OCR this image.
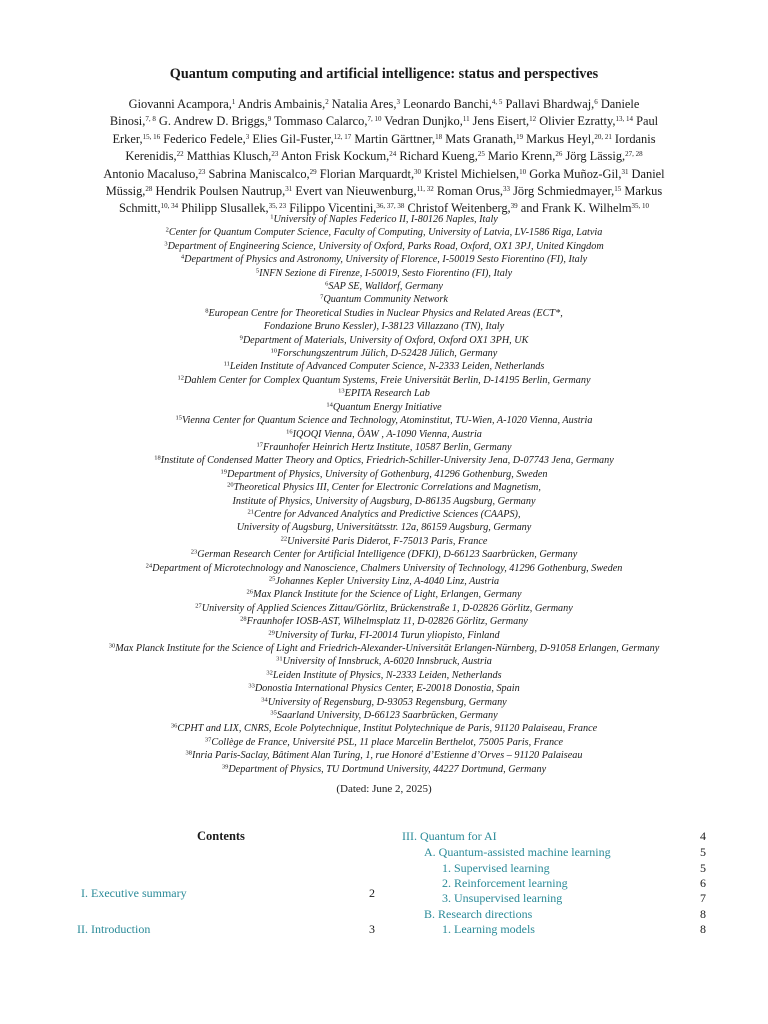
Quantum computing and artificial intelligence: status and perspectives
Giovanni Acampora,$^1$ Andris Ambainis,$^2$ Natalia Ares,$^3$ Leonardo Banchi,$^{4, 5}$ Pallavi Bhardwaj,$^6$ Daniele
Binosi,$^{7, 8}$ G. Andrew D. Briggs,$^9$ Tommaso Calarco,$^{7, 10}$ Vedran Dunjko,$^{11}$ Jens Eisert,$^{12}$ Olivier Ezratty,$^{13, 14}$ Paul
Erker,$^{15, 16}$ Federico Fedele,$^3$ Elies Gil-Fuster,$^{12, 17}$ Martin Gärttner,$^{18}$ Mats Granath,$^{19}$ Markus Heyl,$^{20, 21}$ Iordanis
Kerenidis,$^{22}$ Matthias Klusch,$^{23}$ Anton Frisk Kockum,$^{24}$ Richard Kueng,$^{25}$ Mario Krenn,$^{26}$ Jörg Lässig,$^{27, 28}$
Antonio Macaluso,$^{23}$ Sabrina Maniscalco,$^{29}$ Florian Marquardt,$^{30}$ Kristel Michielsen,$^{10}$ Gorka Muñoz-Gil,$^{31}$ Daniel
Müssig,$^{28}$ Hendrik Poulsen Nautrup,$^{31}$ Evert van Nieuwenburg,$^{11, 32}$ Roman Orus,$^{33}$ Jörg Schmiedmayer,$^{15}$ Markus
Schmitt,$^{10, 34}$ Philipp Slusallek,$^{35, 23}$ Filippo Vicentini,$^{36, 37, 38}$ Christof Weitenberg,$^{39}$ and Frank K. Wilhelm$^{35, 10}$
$^1$University of Naples Federico II, I-80126 Naples, Italy
$^2$Center for Quantum Computer Science, Faculty of Computing, University of Latvia, LV-1586 Riga, Latvia
$^3$Department of Engineering Science, University of Oxford, Parks Road, Oxford, OX1 3PJ, United Kingdom
$^4$Department of Physics and Astronomy, University of Florence, I-50019 Sesto Fiorentino (FI), Italy
$^5$INFN Sezione di Firenze, I-50019, Sesto Fiorentino (FI), Italy
$^6$SAP SE, Walldorf, Germany
$^7$Quantum Community Network
$^8$European Centre for Theoretical Studies in Nuclear Physics and Related Areas (ECT*,
Fondazione Bruno Kessler), I-38123 Villazzano (TN), Italy
$^9$Department of Materials, University of Oxford, Oxford OX1 3PH, UK
$^{10}$Forschungszentrum Jülich, D-52428 Jülich, Germany
$^{11}$Leiden Institute of Advanced Computer Science, N-2333 Leiden, Netherlands
$^{12}$Dahlem Center for Complex Quantum Systems, Freie Universität Berlin, D-14195 Berlin, Germany
$^{13}$EPITA Research Lab
$^{14}$Quantum Energy Initiative
$^{15}$Vienna Center for Quantum Science and Technology, Atominstitut, TU-Wien, A-1020 Vienna, Austria
$^{16}$IQOQI Vienna, ÖAW , A-1090 Vienna, Austria
$^{17}$Fraunhofer Heinrich Hertz Institute, 10587 Berlin, Germany
$^{18}$Institute of Condensed Matter Theory and Optics, Friedrich-Schiller-University Jena, D-07743 Jena, Germany
$^{19}$Department of Physics, University of Gothenburg, 41296 Gothenburg, Sweden
$^{20}$Theoretical Physics III, Center for Electronic Correlations and Magnetism,
Institute of Physics, University of Augsburg, D-86135 Augsburg, Germany
$^{21}$Centre for Advanced Analytics and Predictive Sciences (CAAPS),
University of Augsburg, Universitätsstr. 12a, 86159 Augsburg, Germany
$^{22}$Université Paris Diderot, F-75013 Paris, France
$^{23}$German Research Center for Artificial Intelligence (DFKI), D-66123 Saarbrücken, Germany
$^{24}$Department of Microtechnology and Nanoscience, Chalmers University of Technology, 41296 Gothenburg, Sweden
$^{25}$Johannes Kepler University Linz, A-4040 Linz, Austria
$^{26}$Max Planck Institute for the Science of Light, Erlangen, Germany
$^{27}$University of Applied Sciences Zittau/Görlitz, Brückenstraße 1, D-02826 Görlitz, Germany
$^{28}$Fraunhofer IOSB-AST, Wilhelmsplatz 11, D-02826 Görlitz, Germany
$^{29}$University of Turku, FI-20014 Turun yliopisto, Finland
$^{30}$Max Planck Institute for the Science of Light and Friedrich-Alexander-Universität Erlangen-Nürnberg, D-91058 Erlangen, Germany
$^{31}$University of Innsbruck, A-6020 Innsbruck, Austria
$^{32}$Leiden Institute of Physics, N-2333 Leiden, Netherlands
$^{33}$Donostia International Physics Center, E-20018 Donostia, Spain
$^{34}$University of Regensburg, D-93053 Regensburg, Germany
$^{35}$Saarland University, D-66123 Saarbrücken, Germany
$^{36}$CPHT and LIX, CNRS, Ecole Polytechnique, Institut Polytechnique de Paris, 91120 Palaiseau, France
$^{37}$Collège de France, Université PSL, 11 place Marcelin Berthelot, 75005 Paris, France
$^{38}$Inria Paris-Saclay, Bâtiment Alan Turing, 1, rue Honoré d’Estienne d’Orves – 91120 Palaiseau
$^{39}$Department of Physics, TU Dortmund University, 44227 Dortmund, Germany
(Dated: June 2, 2025)
Contents
I. Executive summary	2
II. Introduction	3
III. Quantum for AI	4
A. Quantum-assisted machine learning	5
1. Supervised learning	5
2. Reinforcement learning	6
3. Unsupervised learning	7
B. Research directions	8
1. Learning models	8
